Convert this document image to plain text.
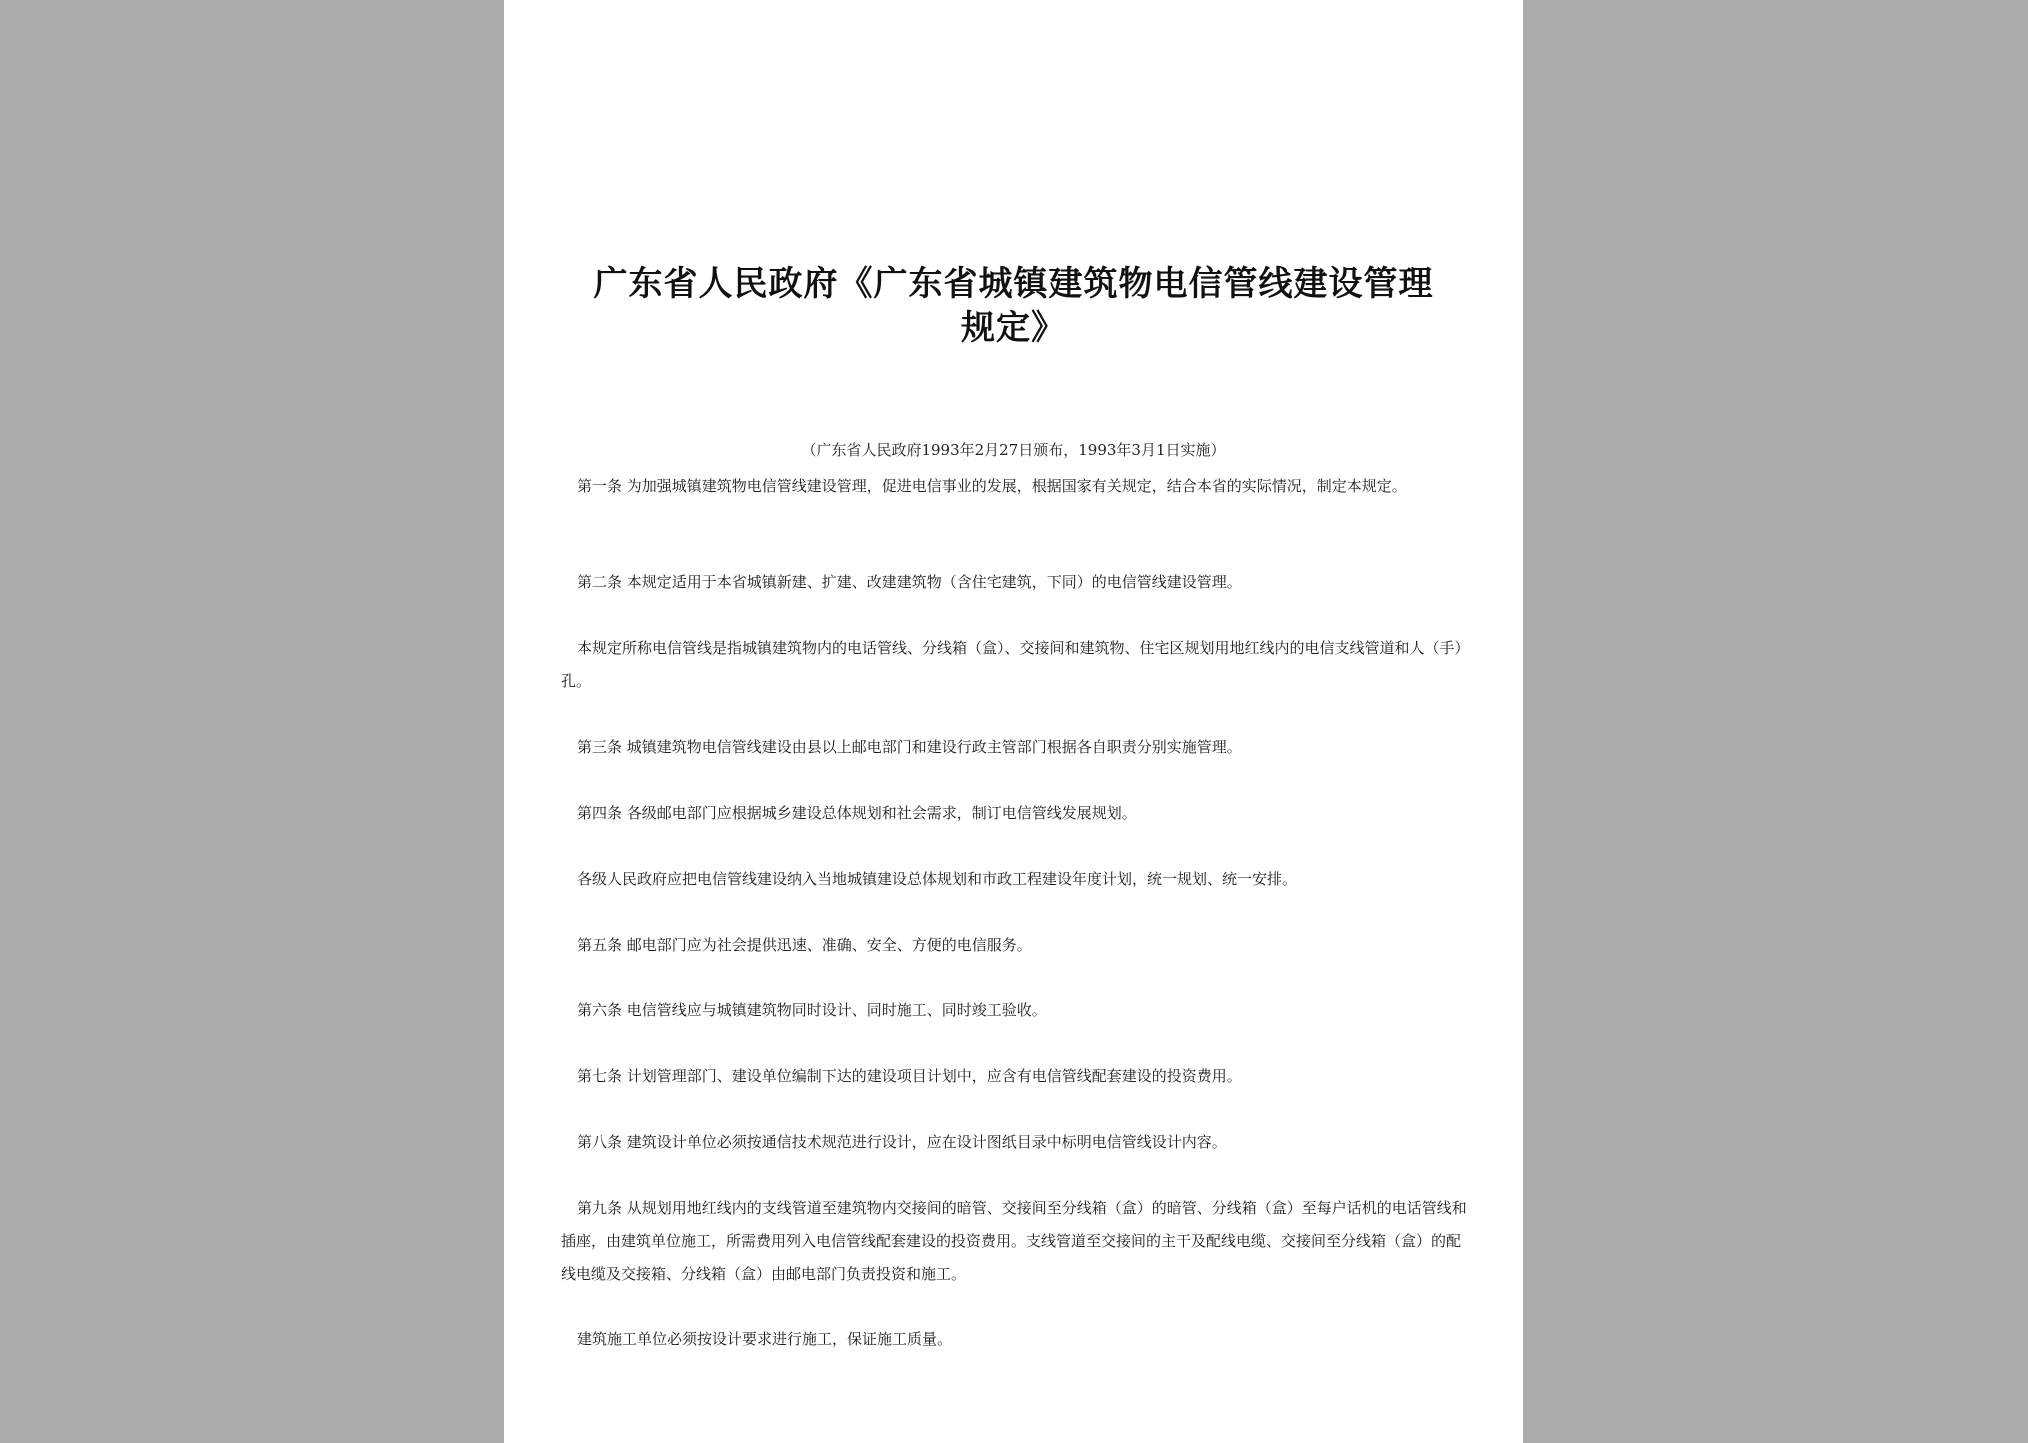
广东省人民政府《广东省城镇建筑物电信管线建设管理
规定》
（广东省人民政府1993年2月27日颁布，1993年3月1日实施）

第一条 为加强城镇建筑物电信管线建设管理，促进电信事业的发展，根据国家有关规定，结合本省的实际情况，制定本规定。

第二条 本规定适用于本省城镇新建、扩建、改建建筑物（含住宅建筑，下同）的电信管线建设管理。

本规定所称电信管线是指城镇建筑物内的电话管线、分线箱（盒）、交接间和建筑物、住宅区规划用地红线内的电信支线管道和人（手）孔。

第三条 城镇建筑物电信管线建设由县以上邮电部门和建设行政主管部门根据各自职责分别实施管理。

第四条 各级邮电部门应根据城乡建设总体规划和社会需求，制订电信管线发展规划。

各级人民政府应把电信管线建设纳入当地城镇建设总体规划和市政工程建设年度计划，统一规划、统一安排。

第五条 邮电部门应为社会提供迅速、准确、安全、方便的电信服务。

第六条 电信管线应与城镇建筑物同时设计、同时施工、同时竣工验收。

第七条 计划管理部门、建设单位编制下达的建设项目计划中，应含有电信管线配套建设的投资费用。

第八条 建筑设计单位必须按通信技术规范进行设计，应在设计图纸目录中标明电信管线设计内容。

第九条 从规划用地红线内的支线管道至建筑物内交接间的暗管、交接间至分线箱（盒）的暗管、分线箱（盒）至每户话机的电话管线和插座，由建筑单位施工，所需费用列入电信管线配套建设的投资费用。支线管道至交接间的主干及配线电缆、交接间至分线箱（盒）的配线电缆及交接箱、分线箱（盒）由邮电部门负责投资和施工。

建筑施工单位必须按设计要求进行施工，保证施工质量。
